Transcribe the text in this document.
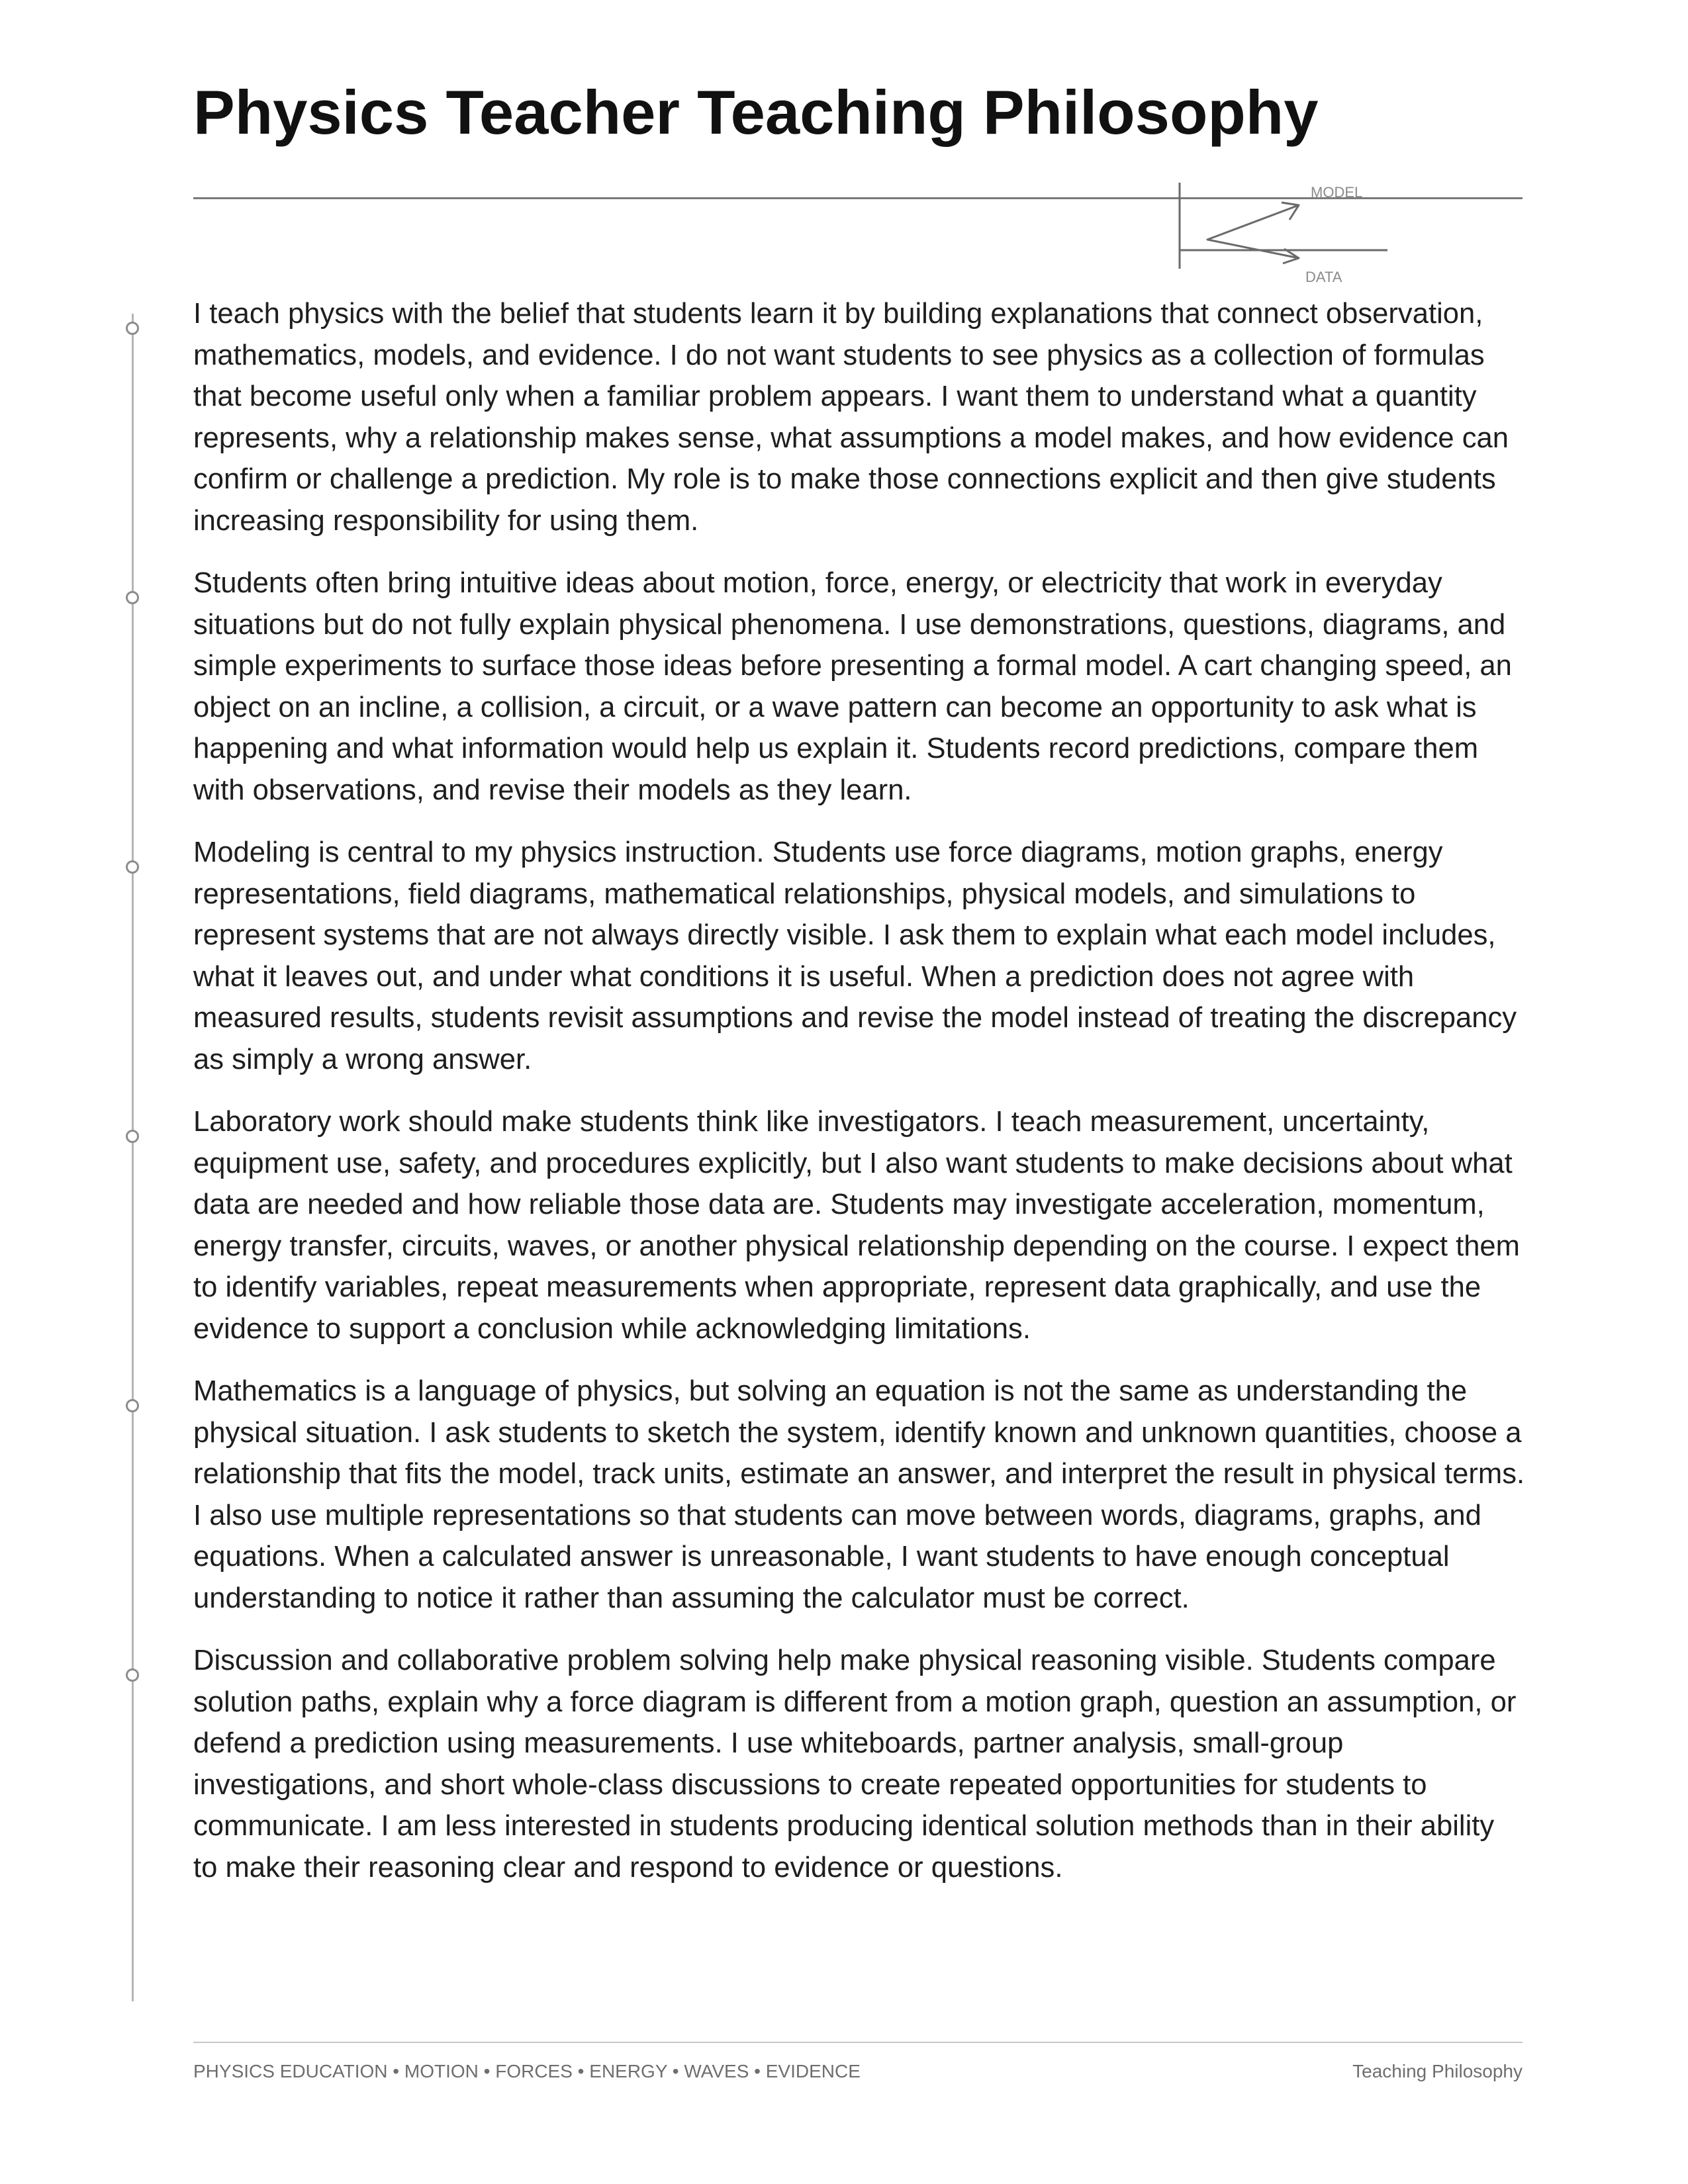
Physics Teacher Teaching Philosophy
MODEL
DATA

I teach physics with the belief that students learn it by building explanations that connect observation, mathematics, models, and evidence. I do not want students to see physics as a collection of formulas that become useful only when a familiar problem appears. I want them to understand what a quantity represents, why a relationship makes sense, what assumptions a model makes, and how evidence can confirm or challenge a prediction. My role is to make those connections explicit and then give students increasing responsibility for using them.

Students often bring intuitive ideas about motion, force, energy, or electricity that work in everyday situations but do not fully explain physical phenomena. I use demonstrations, questions, diagrams, and simple experiments to surface those ideas before presenting a formal model. A cart changing speed, an object on an incline, a collision, a circuit, or a wave pattern can become an opportunity to ask what is happening and what information would help us explain it. Students record predictions, compare them with observations, and revise their models as they learn.

Modeling is central to my physics instruction. Students use force diagrams, motion graphs, energy representations, field diagrams, mathematical relationships, physical models, and simulations to represent systems that are not always directly visible. I ask them to explain what each model includes, what it leaves out, and under what conditions it is useful. When a prediction does not agree with measured results, students revisit assumptions and revise the model instead of treating the discrepancy as simply a wrong answer.

Laboratory work should make students think like investigators. I teach measurement, uncertainty, equipment use, safety, and procedures explicitly, but I also want students to make decisions about what data are needed and how reliable those data are. Students may investigate acceleration, momentum, energy transfer, circuits, waves, or another physical relationship depending on the course. I expect them to identify variables, repeat measurements when appropriate, represent data graphically, and use the evidence to support a conclusion while acknowledging limitations.

Mathematics is a language of physics, but solving an equation is not the same as understanding the physical situation. I ask students to sketch the system, identify known and unknown quantities, choose a relationship that fits the model, track units, estimate an answer, and interpret the result in physical terms. I also use multiple representations so that students can move between words, diagrams, graphs, and equations. When a calculated answer is unreasonable, I want students to have enough conceptual understanding to notice it rather than assuming the calculator must be correct.

Discussion and collaborative problem solving help make physical reasoning visible. Students compare solution paths, explain why a force diagram is different from a motion graph, question an assumption, or defend a prediction using measurements. I use whiteboards, partner analysis, small-group investigations, and short whole-class discussions to create repeated opportunities for students to communicate. I am less interested in students producing identical solution methods than in their ability to make their reasoning clear and respond to evidence or questions.

PHYSICS EDUCATION • MOTION • FORCES • ENERGY • WAVES • EVIDENCE	Teaching Philosophy
